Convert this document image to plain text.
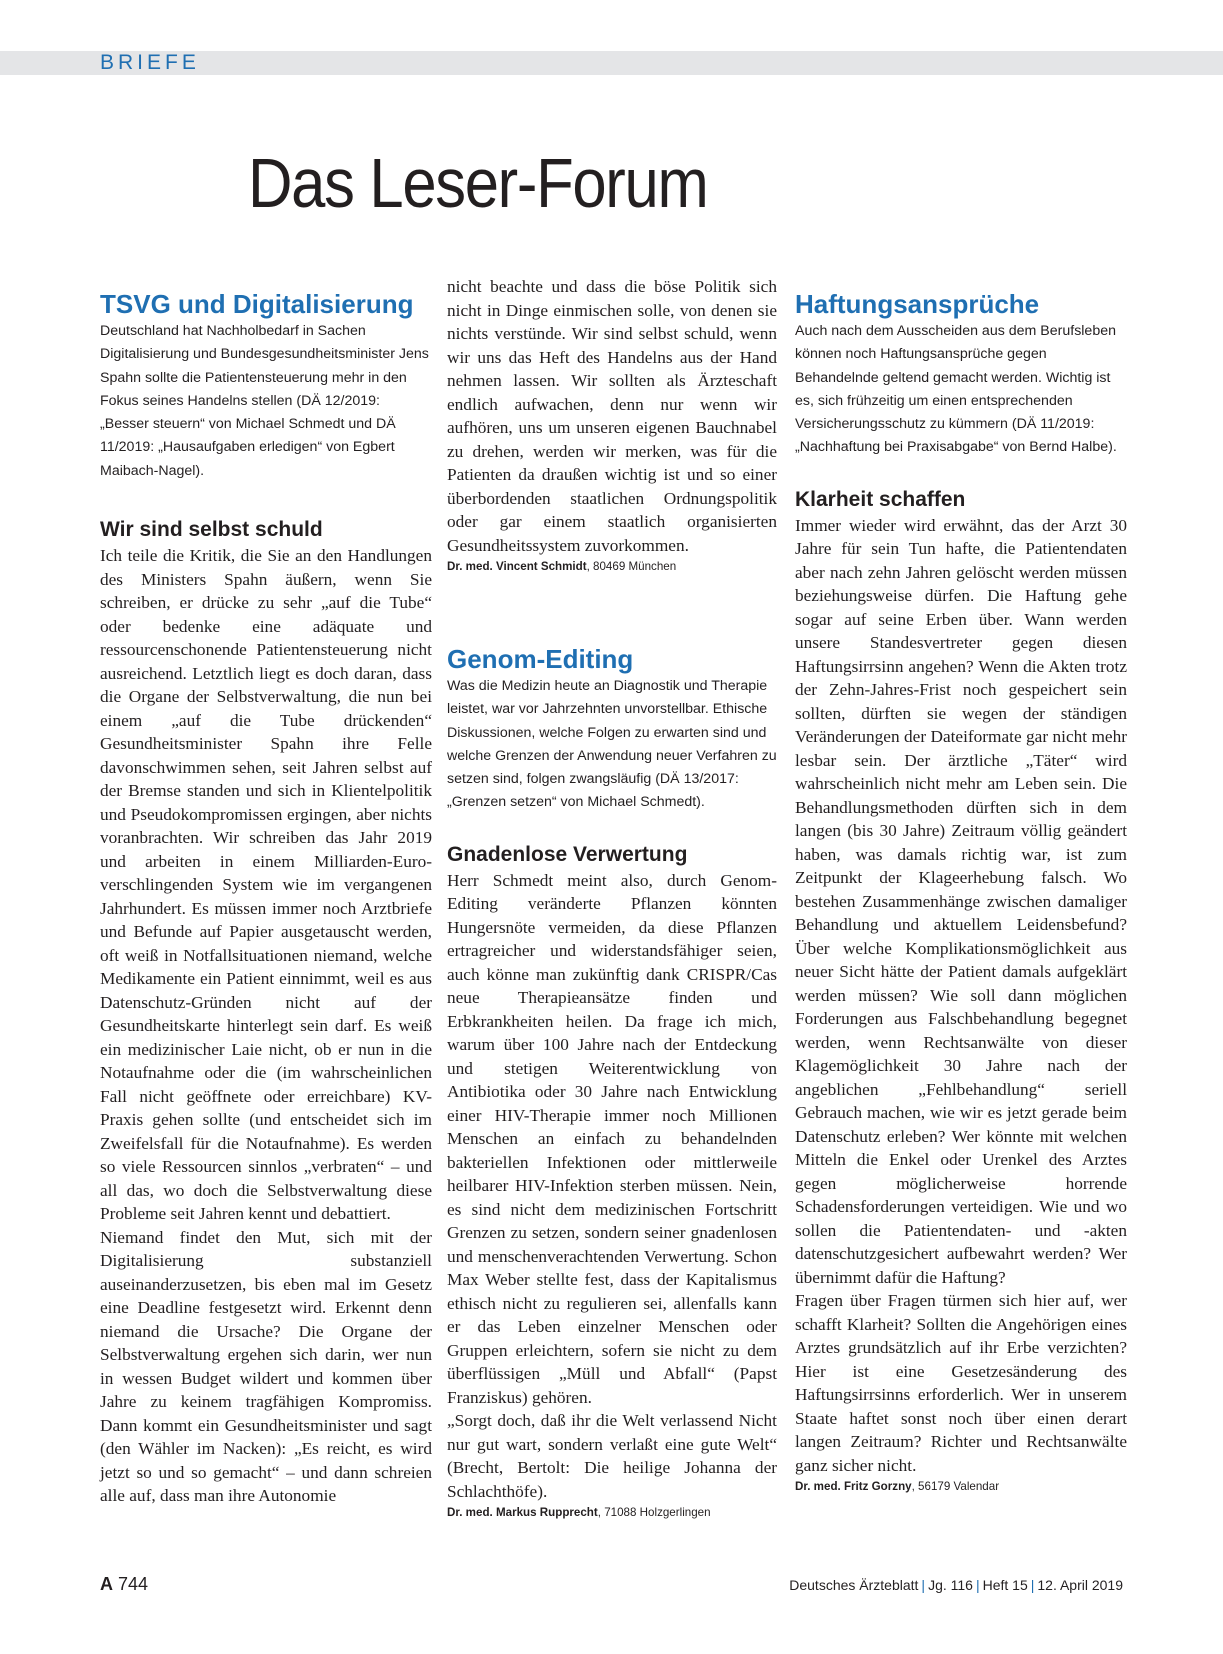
BRIEFE
Das Leser-Forum
TSVG und Digitalisierung

Deutschland hat Nachholbedarf in Sachen Digitalisierung und Bundesgesundheitsminister Jens Spahn sollte die Patientensteuerung mehr in den Fokus seines Handelns stellen (DÄ 12/2019: „Besser steuern“ von Michael Schmedt und DÄ 11/2019: „Hausaufgaben erledigen“ von Egbert Maibach-Nagel).

Wir sind selbst schuld

Ich teile die Kritik, die Sie an den Handlungen des Ministers Spahn äußern, wenn Sie schreiben, er drücke zu sehr „auf die Tube“ oder bedenke eine adäquate und ressourcenschonende Patientensteuerung nicht ausreichend. Letztlich liegt es doch daran, dass die Organe der Selbstverwaltung, die nun bei einem „auf die Tube drückenden“ Gesundheitsminister Spahn ihre Felle davonschwimmen sehen, seit Jahren selbst auf der Bremse standen und sich in Klientelpolitik und Pseudokompromissen ergingen, aber nichts voranbrachten. Wir schreiben das Jahr 2019 und arbeiten in einem Milliarden-Euro-verschlingenden System wie im vergangenen Jahrhundert. Es müssen immer noch Arztbriefe und Befunde auf Papier ausgetauscht werden, oft weiß in Notfallsituationen niemand, welche Medikamente ein Patient einnimmt, weil es aus Datenschutz-Gründen nicht auf der Gesundheitskarte hinterlegt sein darf. Es weiß ein medizinischer Laie nicht, ob er nun in die Notaufnahme oder die (im wahrscheinlichen Fall nicht geöffnete oder erreichbare) KV-Praxis gehen sollte (und entscheidet sich im Zweifelsfall für die Notaufnahme). Es werden so viele Ressourcen sinnlos „verbraten“ – und all das, wo doch die Selbstverwaltung diese Probleme seit Jahren kennt und debattiert.

Niemand findet den Mut, sich mit der Digitalisierung substanziell auseinanderzusetzen, bis eben mal im Gesetz eine Deadline festgesetzt wird. Erkennt denn niemand die Ursache? Die Organe der Selbstverwaltung ergehen sich darin, wer nun in wessen Budget wildert und kommen über Jahre zu keinem tragfähigen Kompromiss. Dann kommt ein Gesundheitsminister und sagt (den Wähler im Nacken): „Es reicht, es wird jetzt so und so gemacht“ – und dann schreien alle auf, dass man ihre Autonomie

nicht beachte und dass die böse Politik sich nicht in Dinge einmischen solle, von denen sie nichts verstünde. Wir sind selbst schuld, wenn wir uns das Heft des Handelns aus der Hand nehmen lassen. Wir sollten als Ärzteschaft endlich aufwachen, denn nur wenn wir aufhören, uns um unseren eigenen Bauchnabel zu drehen, werden wir merken, was für die Patienten da draußen wichtig ist und so einer überbordenden staatlichen Ordnungspolitik oder gar einem staatlich organisierten Gesundheitssystem zuvorkommen.

Dr. med. Vincent Schmidt, 80469 München

Genom-Editing

Was die Medizin heute an Diagnostik und Therapie leistet, war vor Jahrzehnten unvorstellbar. Ethische Diskussionen, welche Folgen zu erwarten sind und welche Grenzen der Anwendung neuer Verfahren zu setzen sind, folgen zwangsläufig (DÄ 13/2017: „Grenzen setzen“ von Michael Schmedt).

Gnadenlose Verwertung

Herr Schmedt meint also, durch Genom-Editing veränderte Pflanzen könnten Hungersnöte vermeiden, da diese Pflanzen ertragreicher und widerstandsfähiger seien, auch könne man zukünftig dank CRISPR/Cas neue Therapieansätze finden und Erbkrankheiten heilen. Da frage ich mich, warum über 100 Jahre nach der Entdeckung und stetigen Weiterentwicklung von Antibiotika oder 30 Jahre nach Entwicklung einer HIV-Therapie immer noch Millionen Menschen an einfach zu behandelnden bakteriellen Infektionen oder mittlerweile heilbarer HIV-Infektion sterben müssen. Nein, es sind nicht dem medizinischen Fortschritt Grenzen zu setzen, sondern seiner gnadenlosen und menschenverachtenden Verwertung. Schon Max Weber stellte fest, dass der Kapitalismus ethisch nicht zu regulieren sei, allenfalls kann er das Leben einzelner Menschen oder Gruppen erleichtern, sofern sie nicht zu dem überflüssigen „Müll und Abfall“ (Papst Franziskus) gehören.

„Sorgt doch, daß ihr die Welt verlassend Nicht nur gut wart, sondern verlaßt eine gute Welt“ (Brecht, Bertolt: Die heilige Johanna der Schlachthöfe).

Dr. med. Markus Rupprecht, 71088 Holzgerlingen

Haftungsansprüche

Auch nach dem Ausscheiden aus dem Berufsleben können noch Haftungsansprüche gegen Behandelnde geltend gemacht werden. Wichtig ist es, sich frühzeitig um einen entsprechenden Versicherungsschutz zu kümmern (DÄ 11/2019: „Nachhaftung bei Praxisabgabe“ von Bernd Halbe).

Klarheit schaffen

Immer wieder wird erwähnt, das der Arzt 30 Jahre für sein Tun hafte, die Patientendaten aber nach zehn Jahren gelöscht werden müssen beziehungsweise dürfen. Die Haftung gehe sogar auf seine Erben über. Wann werden unsere Standesvertreter gegen diesen Haftungsirrsinn angehen? Wenn die Akten trotz der Zehn-Jahres-Frist noch gespeichert sein sollten, dürften sie wegen der ständigen Veränderungen der Dateiformate gar nicht mehr lesbar sein. Der ärztliche „Täter“ wird wahrscheinlich nicht mehr am Leben sein. Die Behandlungsmethoden dürften sich in dem langen (bis 30 Jahre) Zeitraum völlig geändert haben, was damals richtig war, ist zum Zeitpunkt der Klageerhebung falsch. Wo bestehen Zusammenhänge zwischen damaliger Behandlung und aktuellem Leidensbefund? Über welche Komplikationsmöglichkeit aus neuer Sicht hätte der Patient damals aufgeklärt werden müssen? Wie soll dann möglichen Forderungen aus Falschbehandlung begegnet werden, wenn Rechtsanwälte von dieser Klagemöglichkeit 30 Jahre nach der angeblichen „Fehlbehandlung“ seriell Gebrauch machen, wie wir es jetzt gerade beim Datenschutz erleben? Wer könnte mit welchen Mitteln die Enkel oder Urenkel des Arztes gegen möglicherweise horrende Schadensforderungen verteidigen. Wie und wo sollen die Patientendaten- und -akten datenschutzgesichert aufbewahrt werden? Wer übernimmt dafür die Haftung?

Fragen über Fragen türmen sich hier auf, wer schafft Klarheit? Sollten die Angehörigen eines Arztes grundsätzlich auf ihr Erbe verzichten? Hier ist eine Gesetzesänderung des Haftungsirrsinns erforderlich. Wer in unserem Staate haftet sonst noch über einen derart langen Zeitraum? Richter und Rechtsanwälte ganz sicher nicht.

Dr. med. Fritz Gorzny, 56179 Valendar

A 744	Deutsches Ärzteblatt | Jg. 116 | Heft 15 | 12. April 2019
